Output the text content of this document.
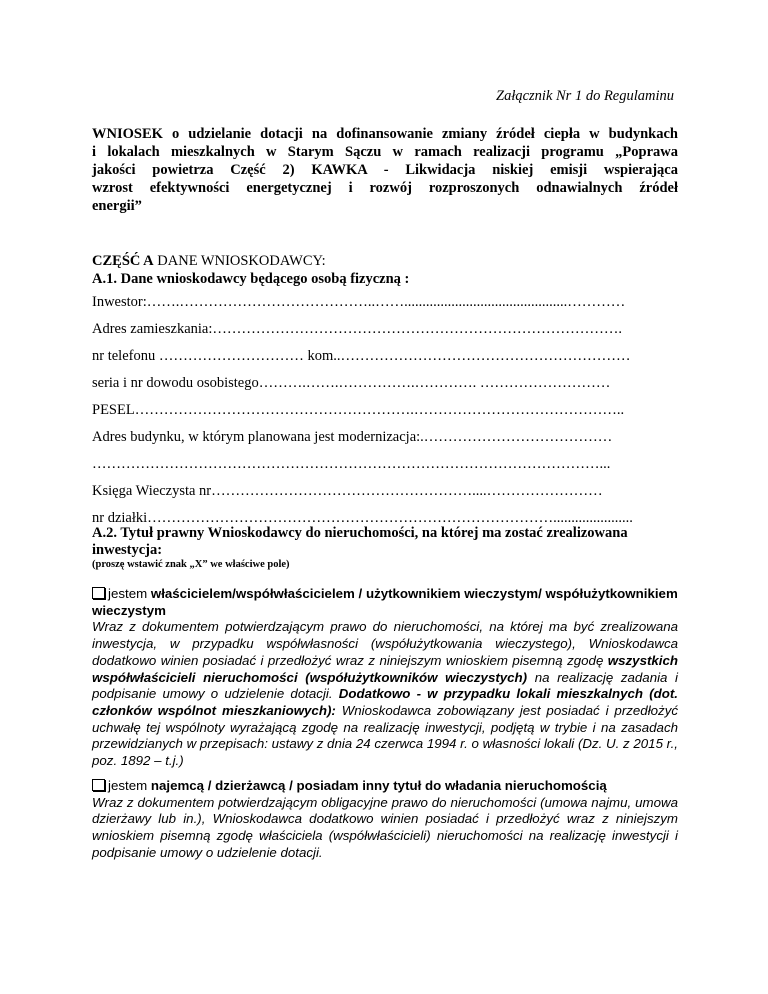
Załącznik Nr 1 do Regulaminu
WNIOSEK o udzielanie dotacji na dofinansowanie zmiany źródeł ciepła w budynkach
i lokalach mieszkalnych w Starym Sączu w ramach realizacji programu „Poprawa
jakości powietrza Część 2) KAWKA - Likwidacja niskiej emisji wspierająca
wzrost efektywności energetycznej i rozwój rozproszonych odnawialnych źródeł
energii”
CZĘŚĆ A DANE WNIOSKODAWCY:
A.1. Dane wnioskodawcy będącego osobą fizyczną :
Inwestor:…….…………………………………..…….............................................…………
Adres zamieszkania:………………………………………………………………………….
nr telefonu ………………………… kom..……………………………………………………
seria i nr dowodu osobistego……….…….…………….…………. ………………………
PESEL………………………………………………….……………………………………..
Adres budynku, w którym planowana jest modernizacja:.…………………………………
……………………………………………………………………………………………...
Księga Wieczysta nr………………………………………………....……………………
nr działki…………………………………………………………………………......................
A.2. Tytuł prawny Wnioskodawcy do nieruchomości, na której ma zostać zrealizowana inwestycja:
(proszę wstawić znak „X” we właściwe pole)
jestem właścicielem/współwłaścicielem / użytkownikiem wieczystym/ współużytkownikiem wieczystym
Wraz z dokumentem potwierdzającym prawo do nieruchomości, na której ma być zrealizowana inwestycja, w przypadku współwłasności (współużytkowania wieczystego), Wnioskodawca dodatkowo winien posiadać i przedłożyć wraz z niniejszym wnioskiem pisemną zgodę wszystkich współwłaścicieli nieruchomości (współużytkowników wieczystych) na realizację zadania i podpisanie umowy o udzielenie dotacji. Dodatkowo - w przypadku lokali mieszkalnych (dot. członków wspólnot mieszkaniowych): Wnioskodawca zobowiązany jest posiadać i przedłożyć uchwałę tej wspólnoty wyrażającą zgodę na realizację inwestycji, podjętą w trybie i na zasadach przewidzianych w przepisach: ustawy z dnia 24 czerwca 1994 r. o własności lokali (Dz. U. z 2015 r., poz. 1892 – t.j.)
jestem najemcą / dzierżawcą / posiadam inny tytuł do władania nieruchomością
Wraz z dokumentem potwierdzającym obligacyjne prawo do nieruchomości (umowa najmu, umowa dzierżawy lub in.), Wnioskodawca dodatkowo winien posiadać i przedłożyć wraz z niniejszym wnioskiem pisemną zgodę właściciela (współwłaścicieli) nieruchomości na realizację inwestycji i podpisanie umowy o udzielenie dotacji.
